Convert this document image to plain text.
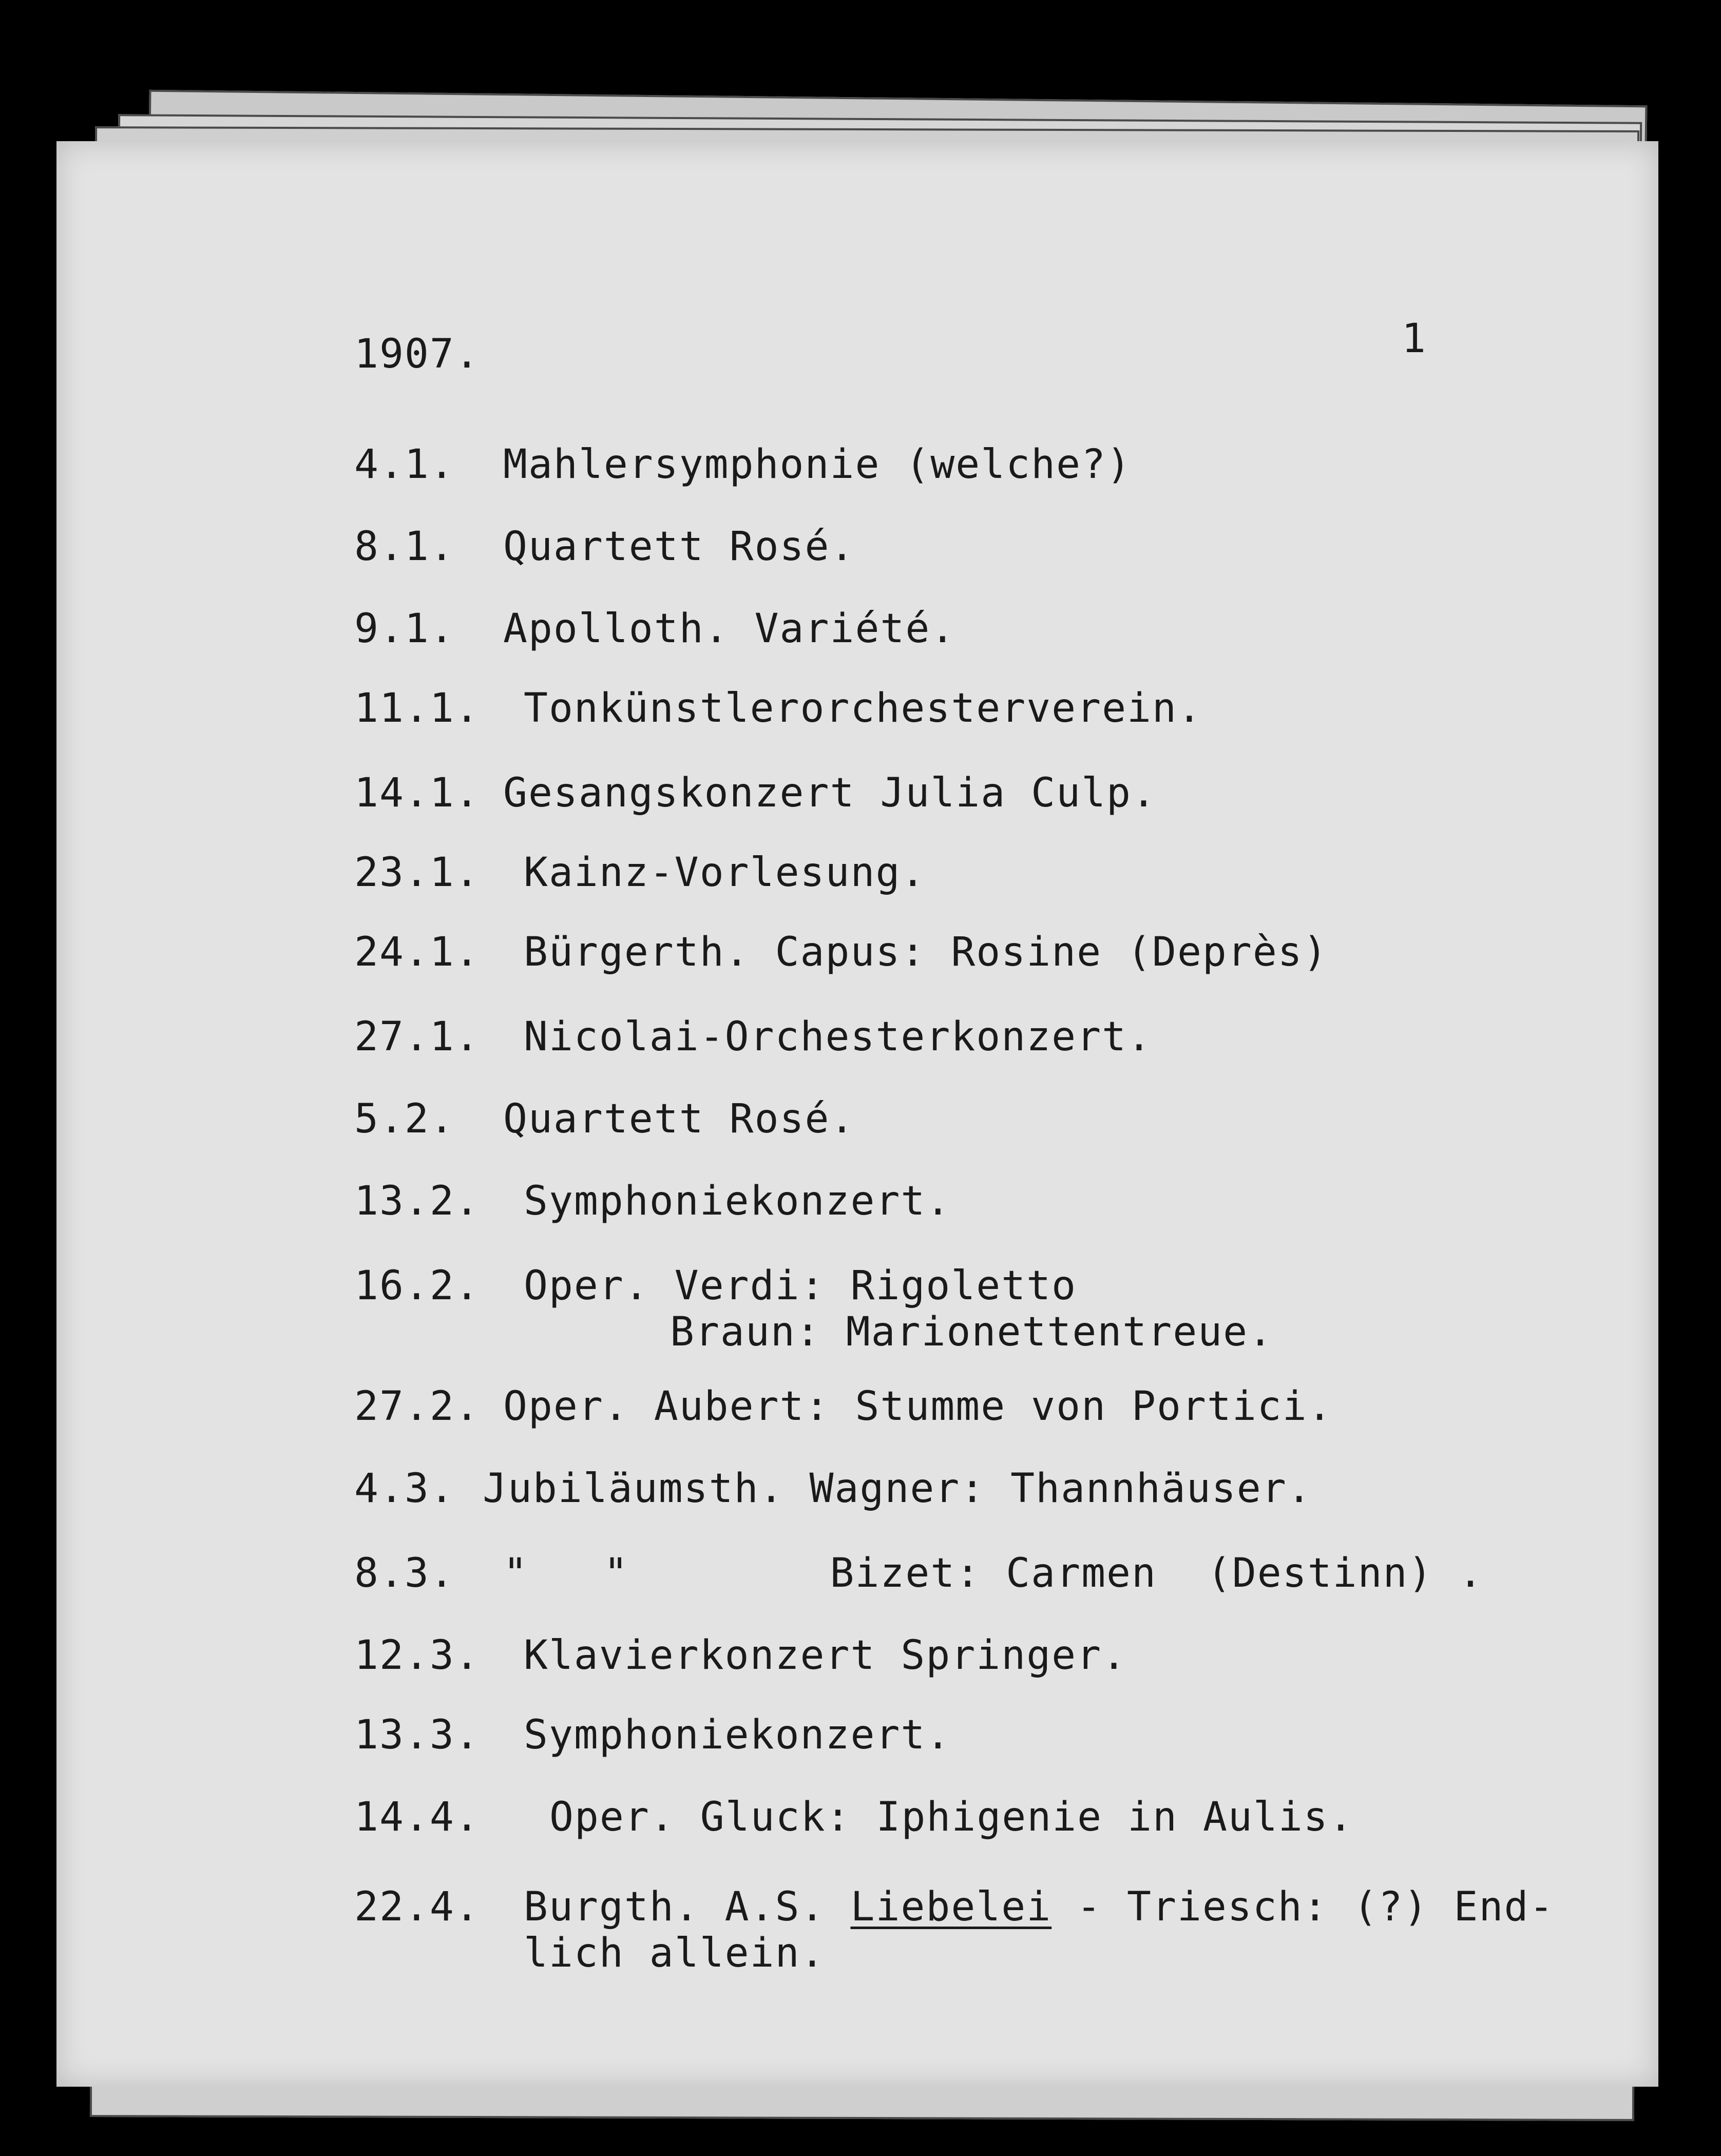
1907.	1
4.1.	Mahlersymphonie (welche?)
8.1.	Quartett Rosé.
9.1.	Apolloth. Variété.
11.1.	Tonkünstlerorchesterverein.
14.1. Gesangskonzert Julia Culp.
23.1.	Kainz-Vorlesung.
24.1.	Bürgerth. Capus: Rosine (Deprès)
27.1.	Nicolai-Orchesterkonzert.
5.2.	Quartett Rosé.
13.2.	Symphoniekonzert.
16.2.	Oper. Verdi: Rigoletto
Braun: Marionettentreue.
27.2. Oper. Aubert: Stumme von Portici.
4.3. Jubiläumsth. Wagner: Thannhäuser.
8.3.	"   "        Bizet: Carmen  (Destinn) .
12.3.	Klavierkonzert Springer.
13.3.	Symphoniekonzert.
14.4.	Oper. Gluck: Iphigenie in Aulis.
22.4.	Burgth. A.S. Liebelei - Triesch: (?) End-
lich allein.
